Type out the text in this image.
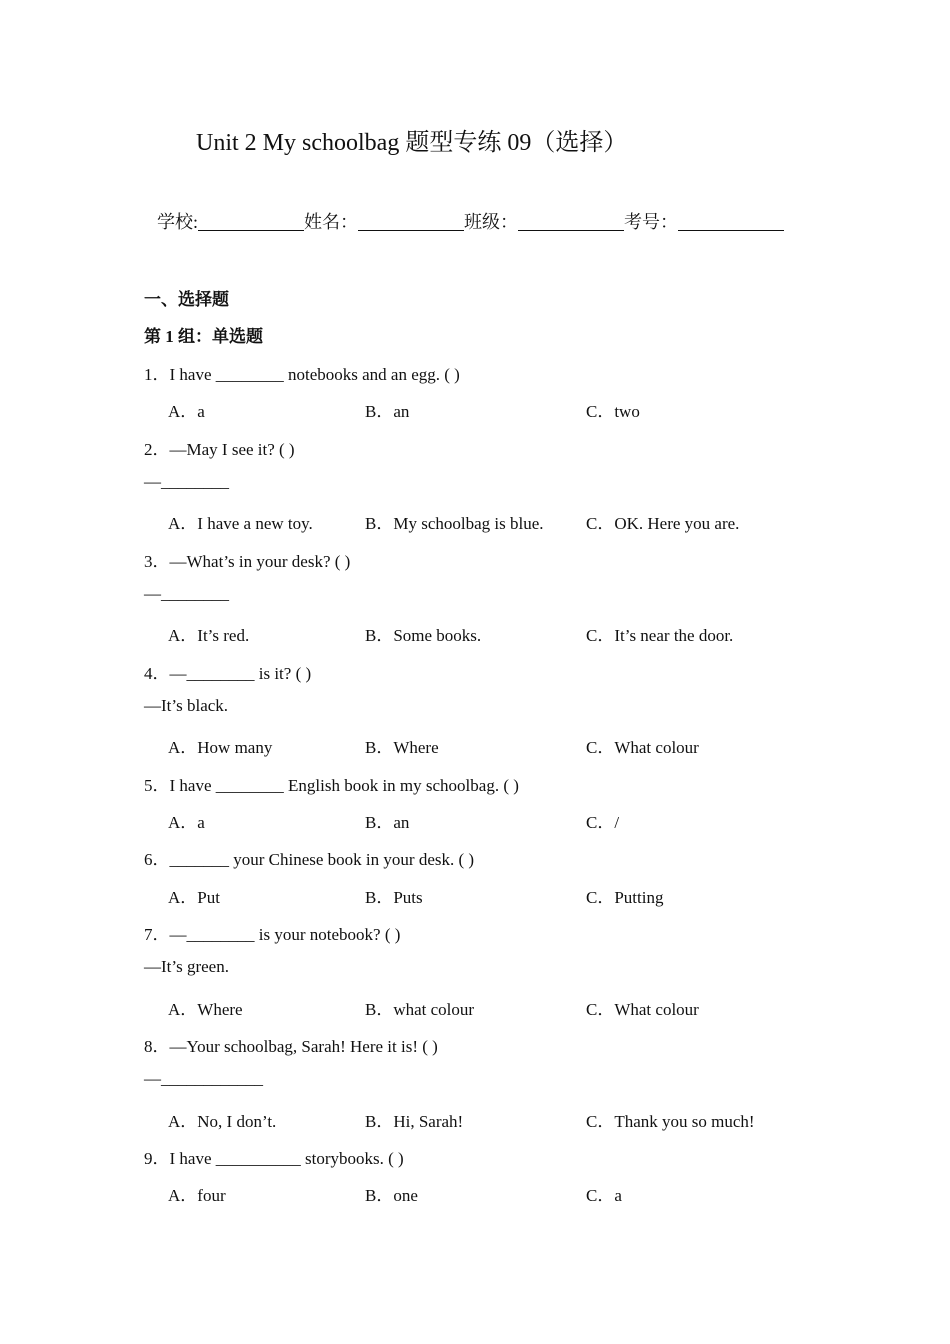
Unit 2 My schoolbag 题型专练 09（选择）
学校:	姓名：	班级：	考号：
一、选择题
第 1 组：单选题
1．I have ________ notebooks and an egg. ( )
A．a	B．an	C．two
2．—May I see it? ( )
—________
A．I have a new toy.	B．My schoolbag is blue.	C．OK. Here you are.
3．—What’s in your desk? ( )
—________
A．It’s red.	B．Some books.	C．It’s near the door.
4．—________ is it? ( )
—It’s black.
A．How many	B．Where	C．What colour
5．I have ________ English book in my schoolbag. ( )
A．a	B．an	C．/
6．_______ your Chinese book in your desk. ( )
A．Put	B．Puts	C．Putting
7．—________ is your notebook? ( )
—It’s green.
A．Where	B．what colour	C．What colour
8．—Your schoolbag, Sarah! Here it is! ( )
—____________
A．No, I don’t.	B．Hi, Sarah!	C．Thank you so much!
9．I have __________ storybooks. ( )
A．four	B．one	C．a
